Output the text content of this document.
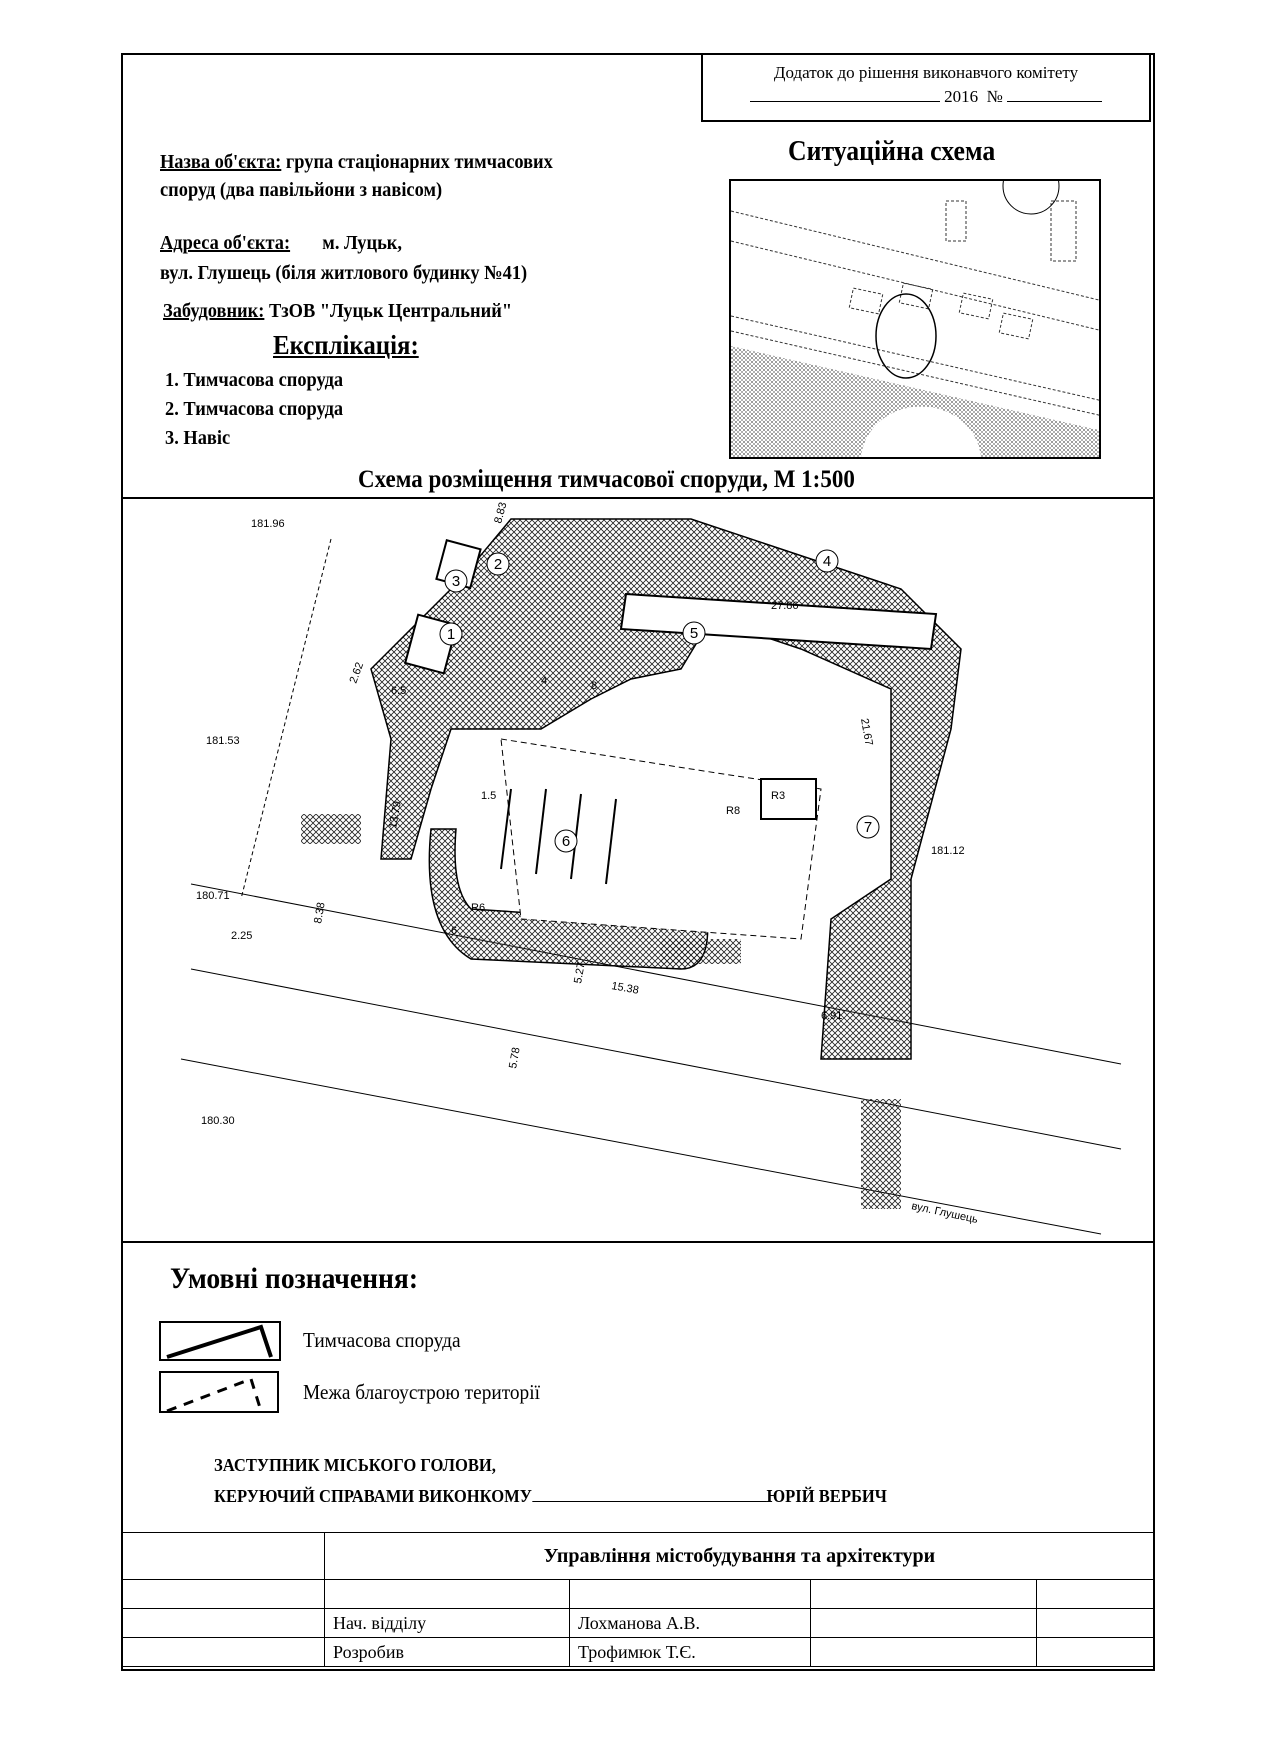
Додаток до рішення виконавчого комітету
2016 №
Назва об'єкта: група стаціонарних тимчасових
споруд (два павільйони з навісом)
Адреса об'єкта: м. Луцьк,
вул. Глушець (біля житлового будинку №41)
Забудовник: ТзОВ "Луцьк Центральний"
Експлікація:
1. Тимчасова споруда
2. Тимчасова споруда
3. Навіс
Ситуаційна схема
Схема розміщення тимчасової споруди, М 1:500
1
2
3
4
5
6
7
27.86
21.67
13.79
2.62
8.83
8.38
15.38
5.78
5.27
6.91
2.25
6.5
4	8
6
R6
R8
R3
1.5
181.96
181.53
181.12
180.71
180.30
вул. Глушець
Умовні позначення:
Тимчасова споруда
Межа благоустрою території
ЗАСТУПНИК МІСЬКОГО ГОЛОВИ,
КЕРУЮЧИЙ СПРАВАМИ ВИКОНКОМУ	ЮРІЙ ВЕРБИЧ
	Управління містобудування та архітектури			

	Нач. відділу	Лохманова А.В.		
	Розробив	Трофимюк Т.Є.		
